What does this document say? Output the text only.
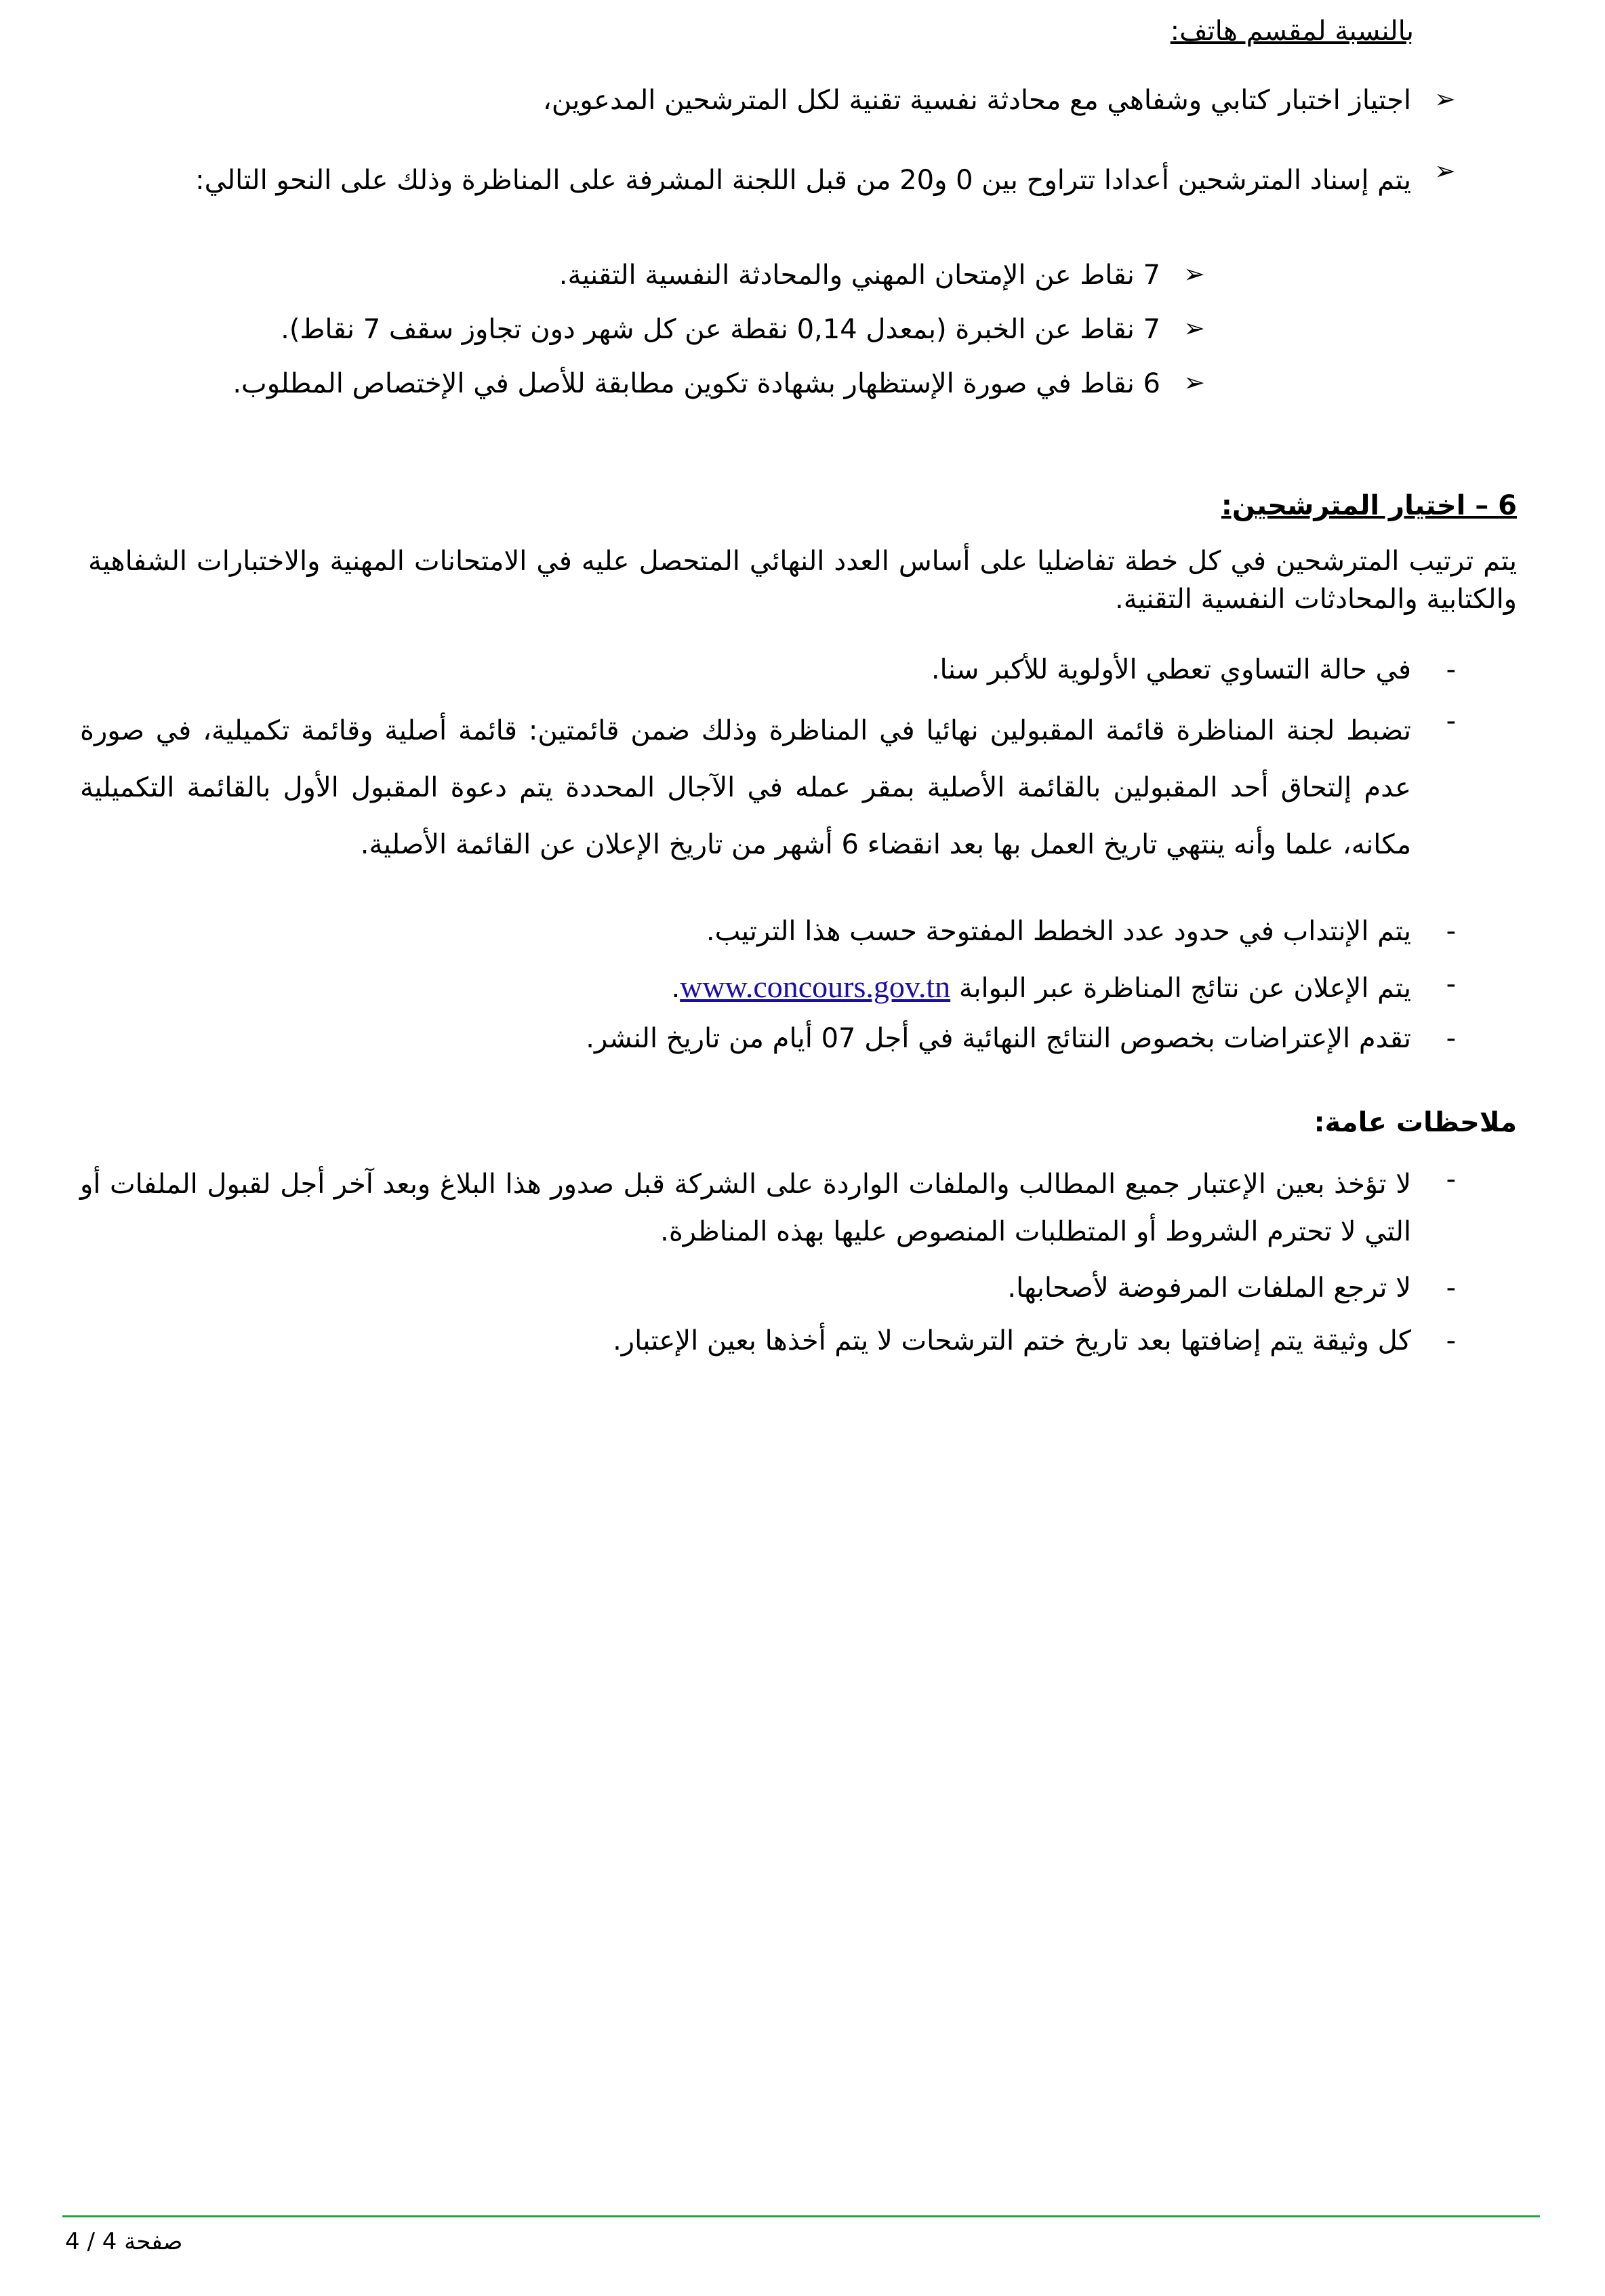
بالنسبة لمقسم هاتف:
➢
اجتياز اختبار كتابي وشفاهي مع محادثة نفسية تقنية لكل المترشحين المدعوين،
➢
يتم إسناد المترشحين أعدادا تتراوح بين 0 و20 من قبل اللجنة المشرفة على المناظرة وذلك على النحو التالي:
➢
7 نقاط عن الإمتحان المهني والمحادثة النفسية التقنية.
➢
7 نقاط عن الخبرة (بمعدل 0,14 نقطة عن كل شهر دون تجاوز سقف 7 نقاط).
➢
6 نقاط في صورة الإستظهار بشهادة تكوين مطابقة للأصل في الإختصاص المطلوب.
6 – اختيار المترشحين:
يتم ترتيب المترشحين في كل خطة تفاضليا على أساس العدد النهائي المتحصل عليه في الامتحانات المهنية والاختبارات الشفاهية والكتابية والمحادثات النفسية التقنية.
-
في حالة التساوي تعطي الأولوية للأكبر سنا.
-
تضبط لجنة المناظرة قائمة المقبولين نهائيا في المناظرة وذلك ضمن قائمتين: قائمة أصلية وقائمة تكميلية، في صورة عدم إلتحاق أحد المقبولين بالقائمة الأصلية بمقر عمله في الآجال المحددة يتم دعوة المقبول الأول بالقائمة التكميلية مكانه، علما وأنه ينتهي تاريخ العمل بها بعد انقضاء 6 أشهر من تاريخ الإعلان عن القائمة الأصلية.
-
يتم الإنتداب في حدود عدد الخطط المفتوحة حسب هذا الترتيب.
-
يتم الإعلان عن نتائج المناظرة عبر البوابة www.concours.gov.tn.
-
تقدم الإعتراضات بخصوص النتائج النهائية في أجل 07 أيام من تاريخ النشر.
ملاحظات عامة:
-
لا تؤخذ بعين الإعتبار جميع المطالب والملفات الواردة على الشركة قبل صدور هذا البلاغ وبعد آخر أجل لقبول الملفات أو التي لا تحترم الشروط أو المتطلبات المنصوص عليها بهذه المناظرة.
-
لا ترجع الملفات المرفوضة لأصحابها.
-
كل وثيقة يتم إضافتها بعد تاريخ ختم الترشحات لا يتم أخذها بعين الإعتبار.
صفحة 4 / 4
